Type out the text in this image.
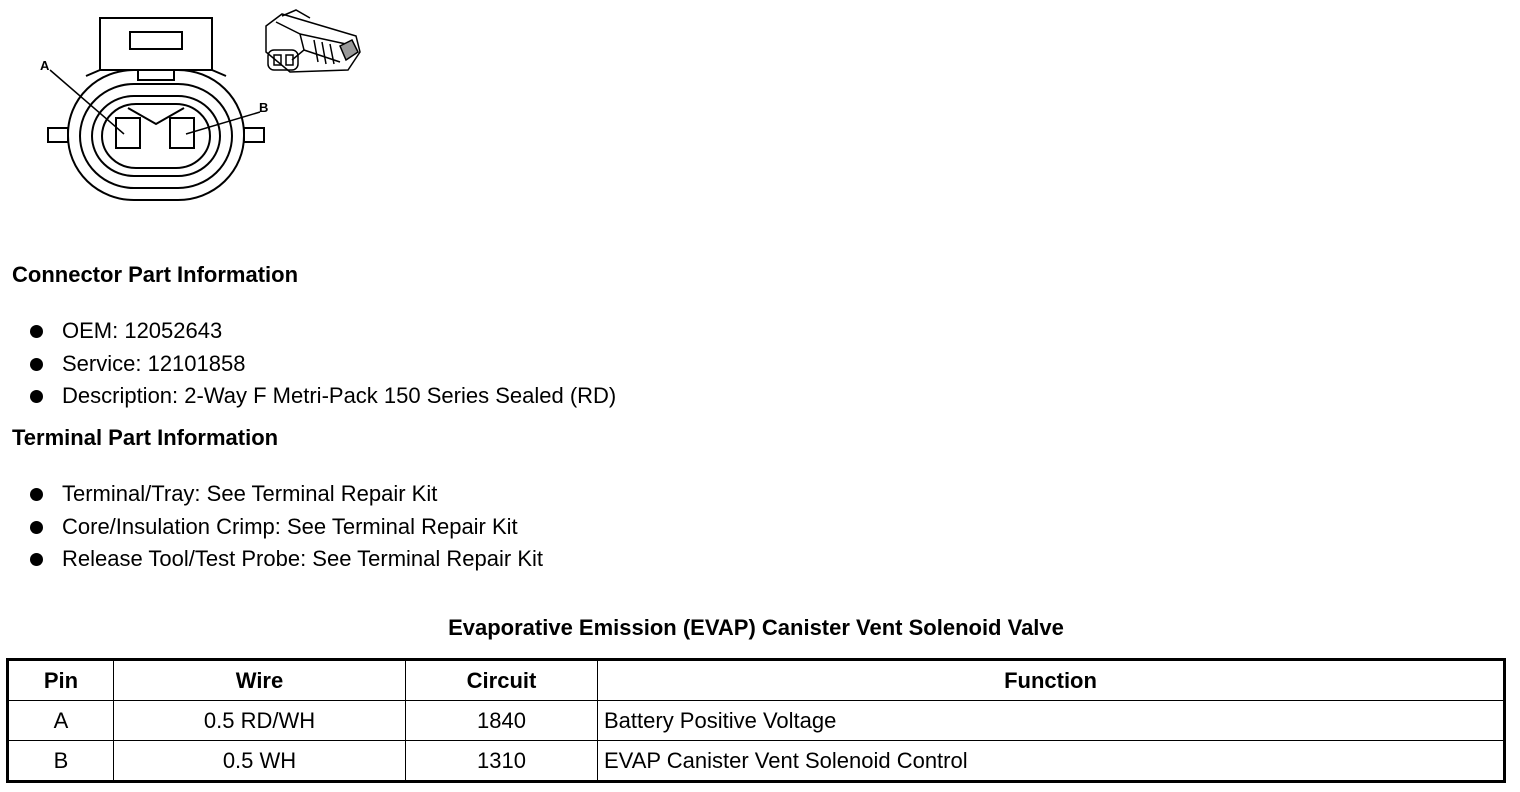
A
B
Connector Part Information
OEM: 12052643
Service: 12101858
Description: 2-Way F Metri-Pack 150 Series Sealed (RD)
Terminal Part Information
Terminal/Tray: See Terminal Repair Kit
Core/Insulation Crimp: See Terminal Repair Kit
Release Tool/Test Probe: See Terminal Repair Kit
Evaporative Emission (EVAP) Canister Vent Solenoid Valve
Pin	Wire	Circuit	Function
A	0.5 RD/WH	1840	Battery Positive Voltage
B	0.5 WH	1310	EVAP Canister Vent Solenoid Control
